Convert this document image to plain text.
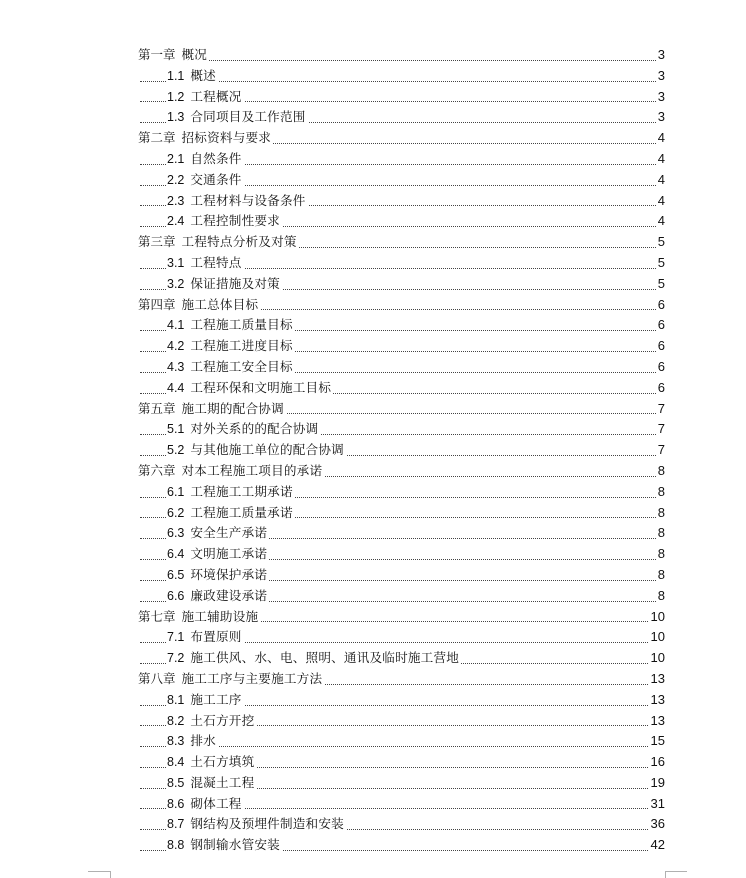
第一章 概况	3
1.1 概述	3
1.2 工程概况	3
1.3 合同项目及工作范围	3
第二章 招标资料与要求	4
2.1 自然条件	4
2.2 交通条件	4
2.3 工程材料与设备条件	4
2.4 工程控制性要求	4
第三章 工程特点分析及对策	5
3.1 工程特点	5
3.2 保证措施及对策	5
第四章 施工总体目标	6
4.1 工程施工质量目标	6
4.2 工程施工进度目标	6
4.3 工程施工安全目标	6
4.4 工程环保和文明施工目标	6
第五章 施工期的配合协调	7
5.1 对外关系的的配合协调	7
5.2 与其他施工单位的配合协调	7
第六章 对本工程施工项目的承诺	8
6.1 工程施工工期承诺	8
6.2 工程施工质量承诺	8
6.3 安全生产承诺	8
6.4 文明施工承诺	8
6.5 环境保护承诺	8
6.6 廉政建设承诺	8
第七章 施工辅助设施	10
7.1 布置原则	10
7.2 施工供风、水、电、照明、通讯及临时施工营地	10
第八章 施工工序与主要施工方法	13
8.1 施工工序	13
8.2 土石方开挖	13
8.3 排水	15
8.4 土石方填筑	16
8.5 混凝土工程	19
8.6 砌体工程	31
8.7 钢结构及预埋件制造和安装	36
8.8 钢制输水管安装	42
